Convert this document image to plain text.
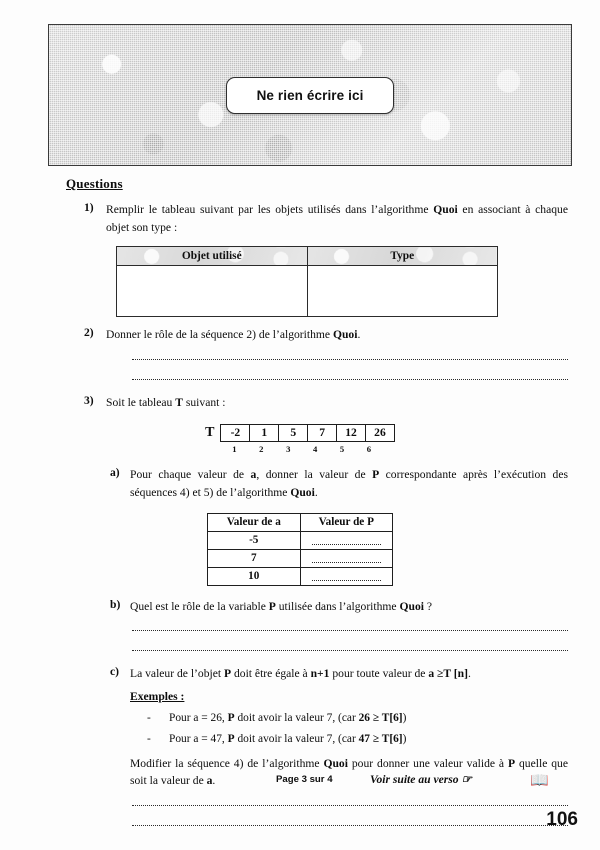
Ne rien écrire ici
Questions
1)	Remplir le tableau suivant par les objets utilisés dans l’algorithme Quoi en associant à chaque objet son type :
Objet utilisé	Type

2)	Donner le rôle de la séquence 2) de l’algorithme Quoi.
3)	Soit le tableau T suivant :
T	-2	1	5	7	12	26
1	2	3	4	5	6
a) Pour chaque valeur de a, donner la valeur de P correspondante après l’exécution des séquences 4) et 5) de l’algorithme Quoi.
Valeur de a	Valeur de P
-5	

7	

10	
b) Quel est le rôle de la variable P utilisée dans l’algorithme Quoi ?
c) La valeur de l’objet P doit être égale à n+1 pour toute valeur de a ≥T [n].
Exemples :
-	Pour a = 26, P doit avoir la valeur 7, (car 26 ≥ T[6])
-	Pour a = 47, P doit avoir la valeur 7, (car 47 ≥ T[6])
Modifier la séquence 4) de l’algorithme Quoi pour donner une valeur valide à P quelle que soit la valeur de a.	Page 3 sur 4	Voir suite au verso ☞	📖
106
